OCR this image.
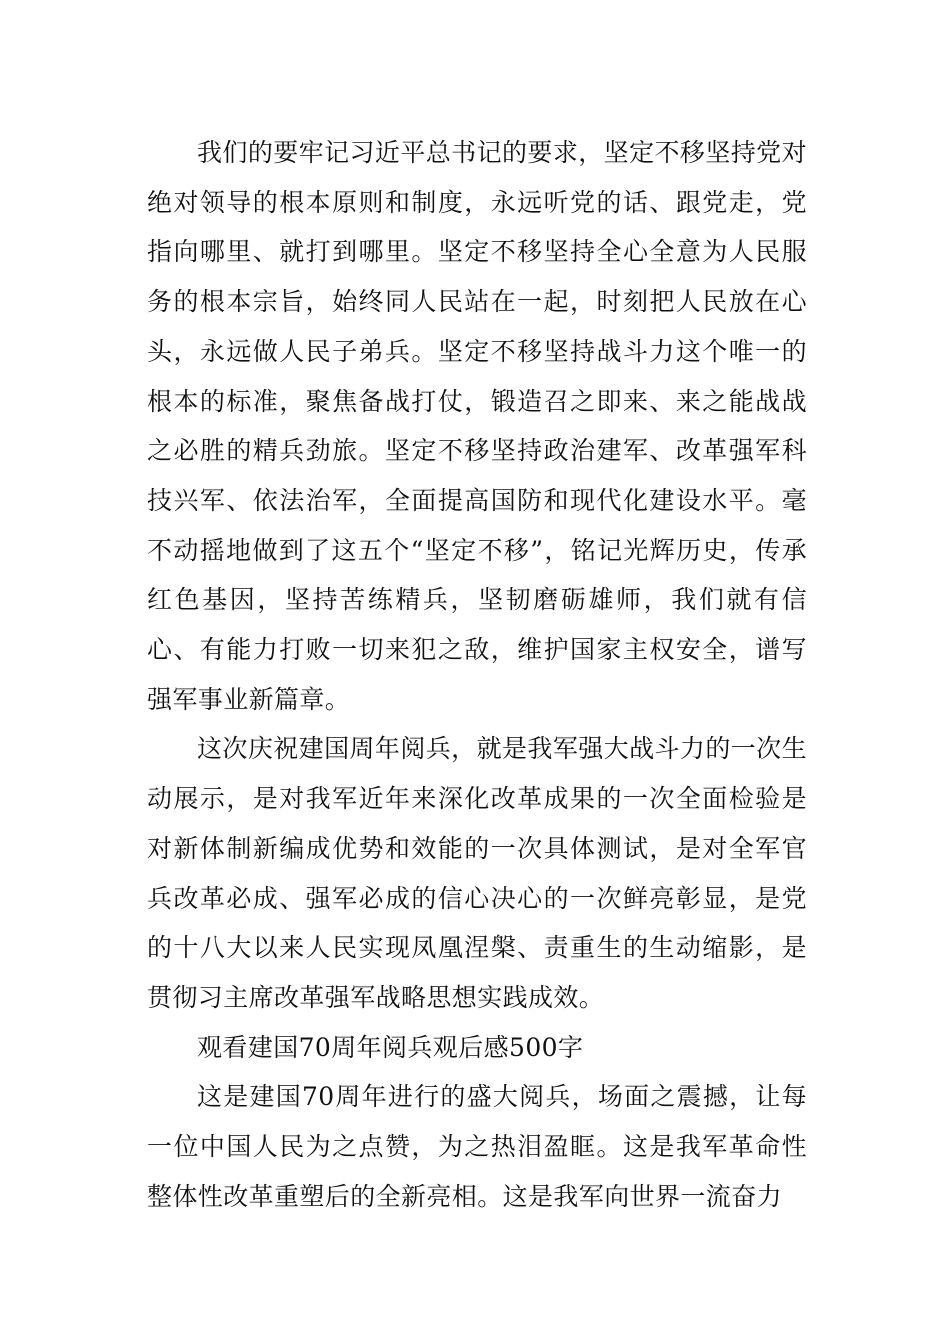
我们的要牢记习近平总书记的要求，坚定不移坚持党对绝对领导的根本原则和制度，永远听党的话、跟党走，党指向哪里、就打到哪里。坚定不移坚持全心全意为人民服务的根本宗旨，始终同人民站在一起，时刻把人民放在心头，永远做人民子弟兵。坚定不移坚持战斗力这个唯一的根本的标准，聚焦备战打仗，锻造召之即来、来之能战战之必胜的精兵劲旅。坚定不移坚持政治建军、改革强军科技兴军、依法治军，全面提高国防和现代化建设水平。毫不动摇地做到了这五个“坚定不移”，铭记光辉历史，传承红色基因，坚持苦练精兵，坚韧磨砺雄师，我们就有信心、有能力打败一切来犯之敌，维护国家主权安全，谱写强军事业新篇章。

这次庆祝建国周年阅兵，就是我军强大战斗力的一次生动展示，是对我军近年来深化改革成果的一次全面检验是对新体制新编成优势和效能的一次具体测试，是对全军官兵改革必成、强军必成的信心决心的一次鲜亮彰显，是党的十八大以来人民实现凤凰涅槃、责重生的生动缩影，是贯彻习主席改革强军战略思想实践成效。

观看建国70周年阅兵观后感500字

这是建国70周年进行的盛大阅兵，场面之震撼，让每一位中国人民为之点赞，为之热泪盈眶。这是我军革命性整体性改革重塑后的全新亮相。这是我军向世界一流奋力
